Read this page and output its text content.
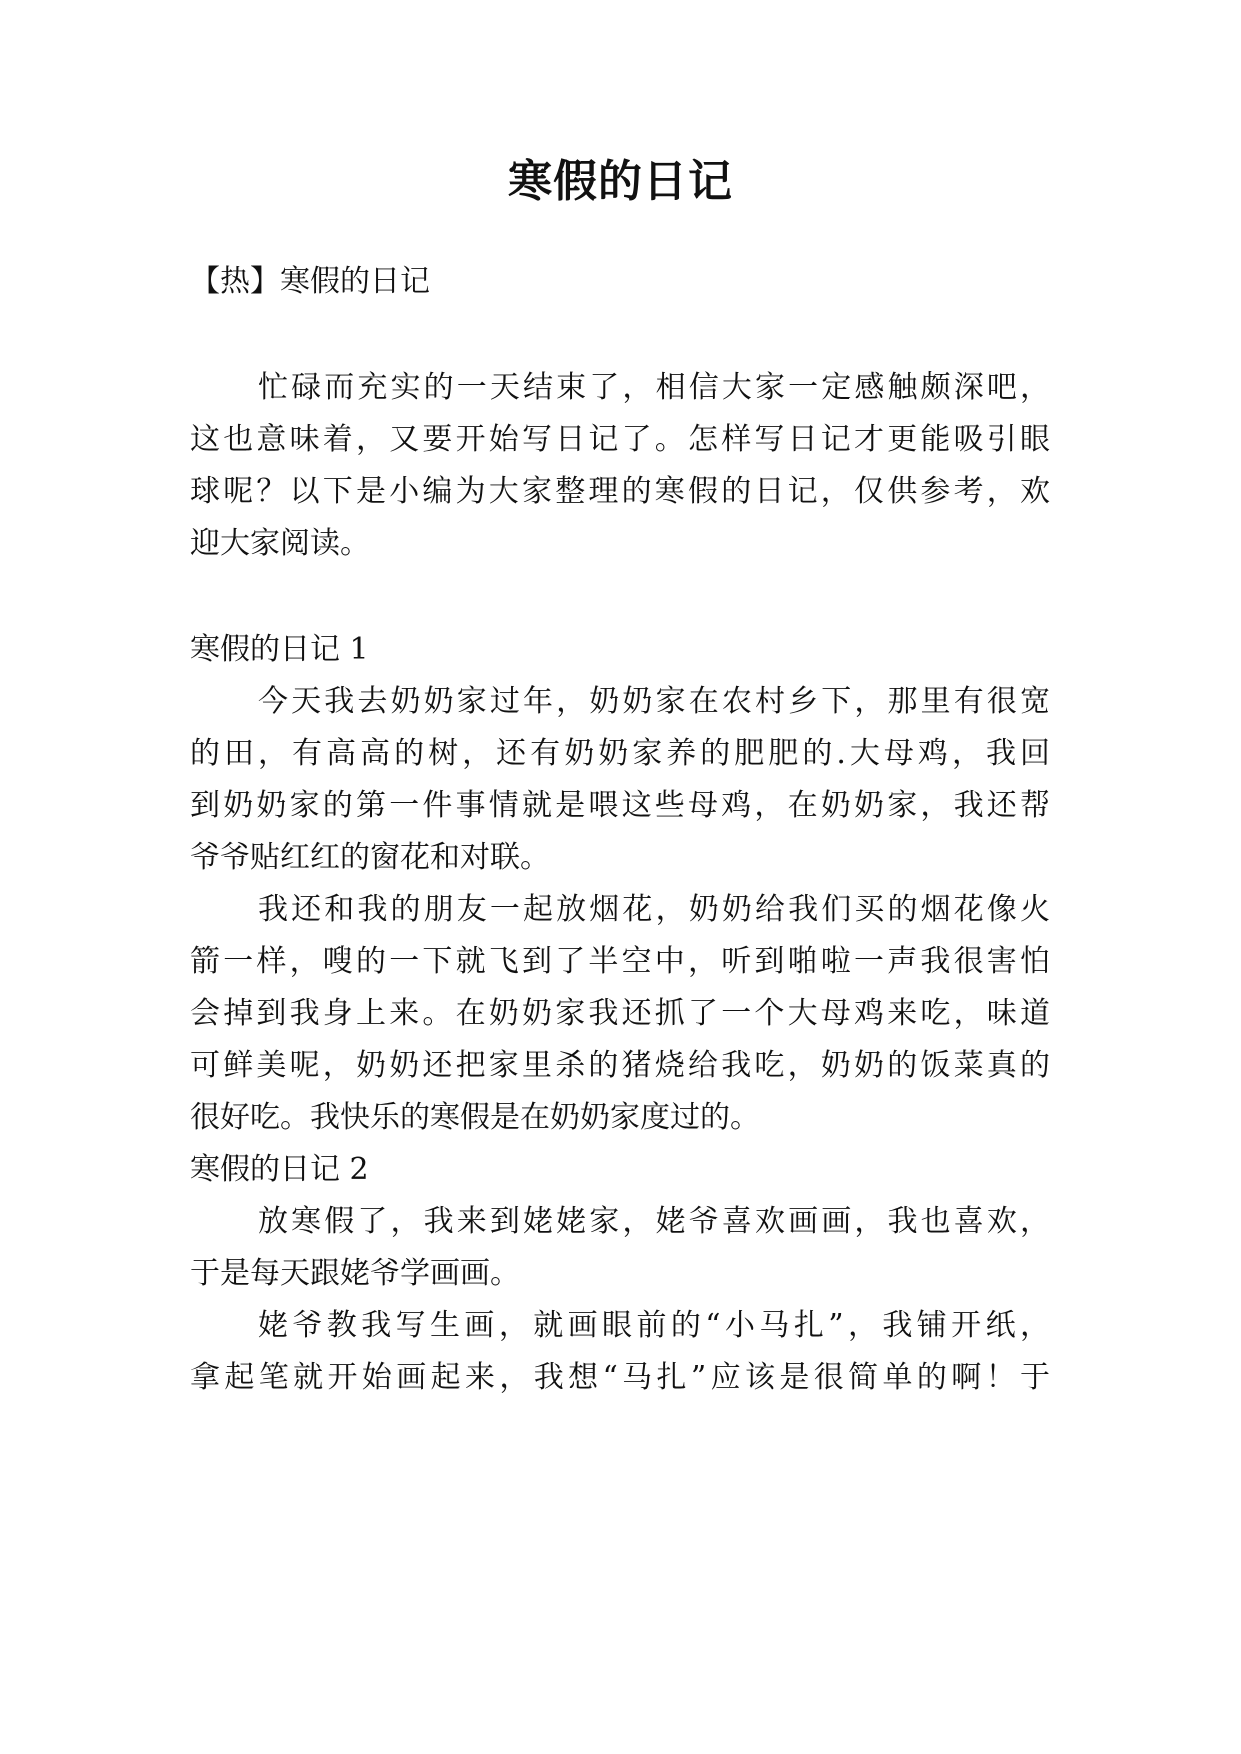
寒假的日记

【热】寒假的日记

忙碌而充实的一天结束了，相信大家一定感触颇深吧，

这也意味着，又要开始写日记了。怎样写日记才更能吸引眼

球呢？以下是小编为大家整理的寒假的日记，仅供参考，欢

迎大家阅读。

寒假的日记 1

今天我去奶奶家过年，奶奶家在农村乡下，那里有很宽

的田，有高高的树，还有奶奶家养的肥肥的.大母鸡，我回

到奶奶家的第一件事情就是喂这些母鸡，在奶奶家，我还帮

爷爷贴红红的窗花和对联。

我还和我的朋友一起放烟花，奶奶给我们买的烟花像火

箭一样，嗖的一下就飞到了半空中，听到啪啦一声我很害怕

会掉到我身上来。在奶奶家我还抓了一个大母鸡来吃，味道

可鲜美呢，奶奶还把家里杀的猪烧给我吃，奶奶的饭菜真的

很好吃。我快乐的寒假是在奶奶家度过的。

寒假的日记 2

放寒假了，我来到姥姥家，姥爷喜欢画画，我也喜欢，

于是每天跟姥爷学画画。

姥爷教我写生画，就画眼前的“小马扎”，我铺开纸，

拿起笔就开始画起来，我想“马扎”应该是很简单的啊！于
